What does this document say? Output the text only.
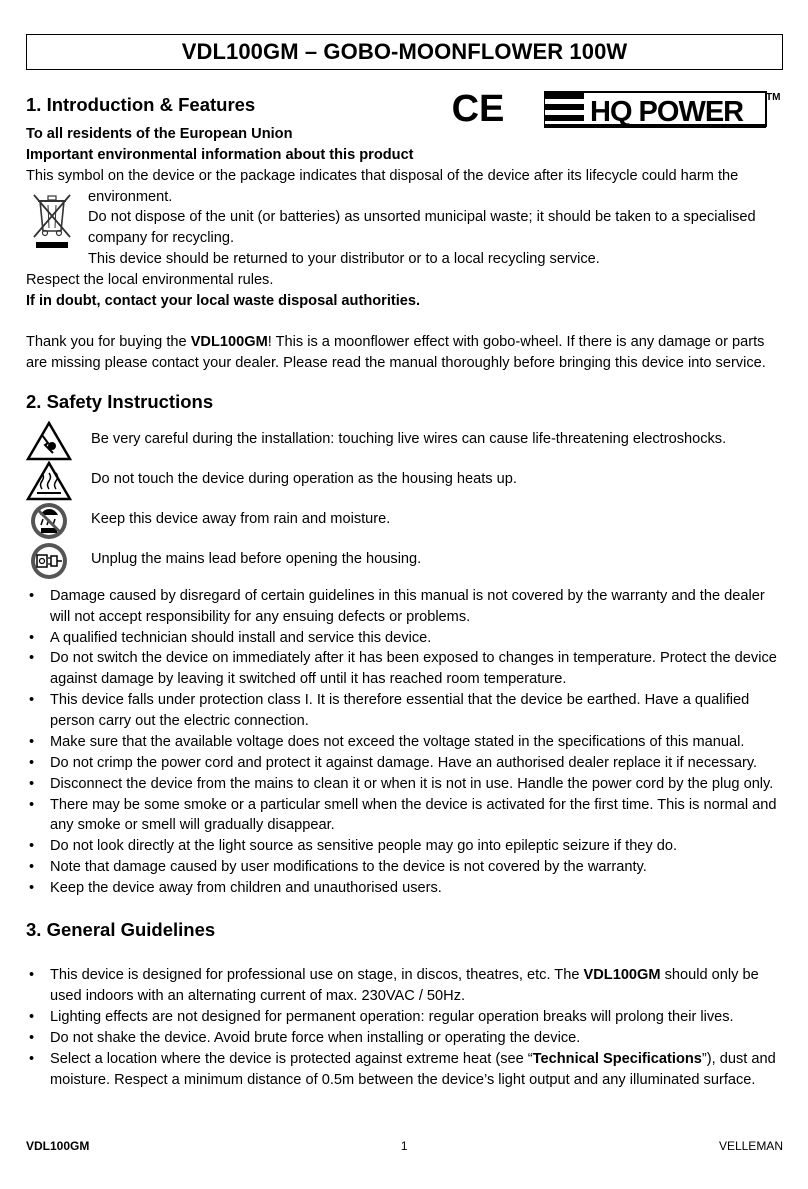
VDL100GM – GOBO-MOONFLOWER 100W
1. Introduction & Features	CE	HQ POWER TM

To all residents of the European Union

Important environmental information about this product

This symbol on the device or the package indicates that disposal of the device after its lifecycle could harm the

environment.

Do not dispose of the unit (or batteries) as unsorted municipal waste; it should be taken to a specialised company for recycling.

This device should be returned to your distributor or to a local recycling service.

Respect the local environmental rules.

If in doubt, contact your local waste disposal authorities.

Thank you for buying the VDL100GM! This is a moonflower effect with gobo-wheel. If there is any damage or parts are missing please contact your dealer. Please read the manual thoroughly before bringing this device into service.

2. Safety Instructions
Be very careful during the installation: touching live wires can cause life-threatening electroshocks.
Do not touch the device during operation as the housing heats up.
Keep this device away from rain and moisture.
Unplug the mains lead before opening the housing.
• Damage caused by disregard of certain guidelines in this manual is not covered by the warranty and the dealer will not accept responsibility for any ensuing defects or problems.
• A qualified technician should install and service this device.
• Do not switch the device on immediately after it has been exposed to changes in temperature. Protect the device against damage by leaving it switched off until it has reached room temperature.
• This device falls under protection class I. It is therefore essential that the device be earthed. Have a qualified person carry out the electric connection.
• Make sure that the available voltage does not exceed the voltage stated in the specifications of this manual.
• Do not crimp the power cord and protect it against damage. Have an authorised dealer replace it if necessary.
• Disconnect the device from the mains to clean it or when it is not in use. Handle the power cord by the plug only.
• There may be some smoke or a particular smell when the device is activated for the first time. This is normal and any smoke or smell will gradually disappear.
• Do not look directly at the light source as sensitive people may go into epileptic seizure if they do.
• Note that damage caused by user modifications to the device is not covered by the warranty.
• Keep the device away from children and unauthorised users.
3. General Guidelines
• This device is designed for professional use on stage, in discos, theatres, etc. The VDL100GM should only be used indoors with an alternating current of max. 230VAC / 50Hz.
• Lighting effects are not designed for permanent operation: regular operation breaks will prolong their lives.
• Do not shake the device. Avoid brute force when installing or operating the device.
• Select a location where the device is protected against extreme heat (see “Technical Specifications”), dust and moisture. Respect a minimum distance of 0.5m between the device’s light output and any illuminated surface.
VDL100GM	1	VELLEMAN
